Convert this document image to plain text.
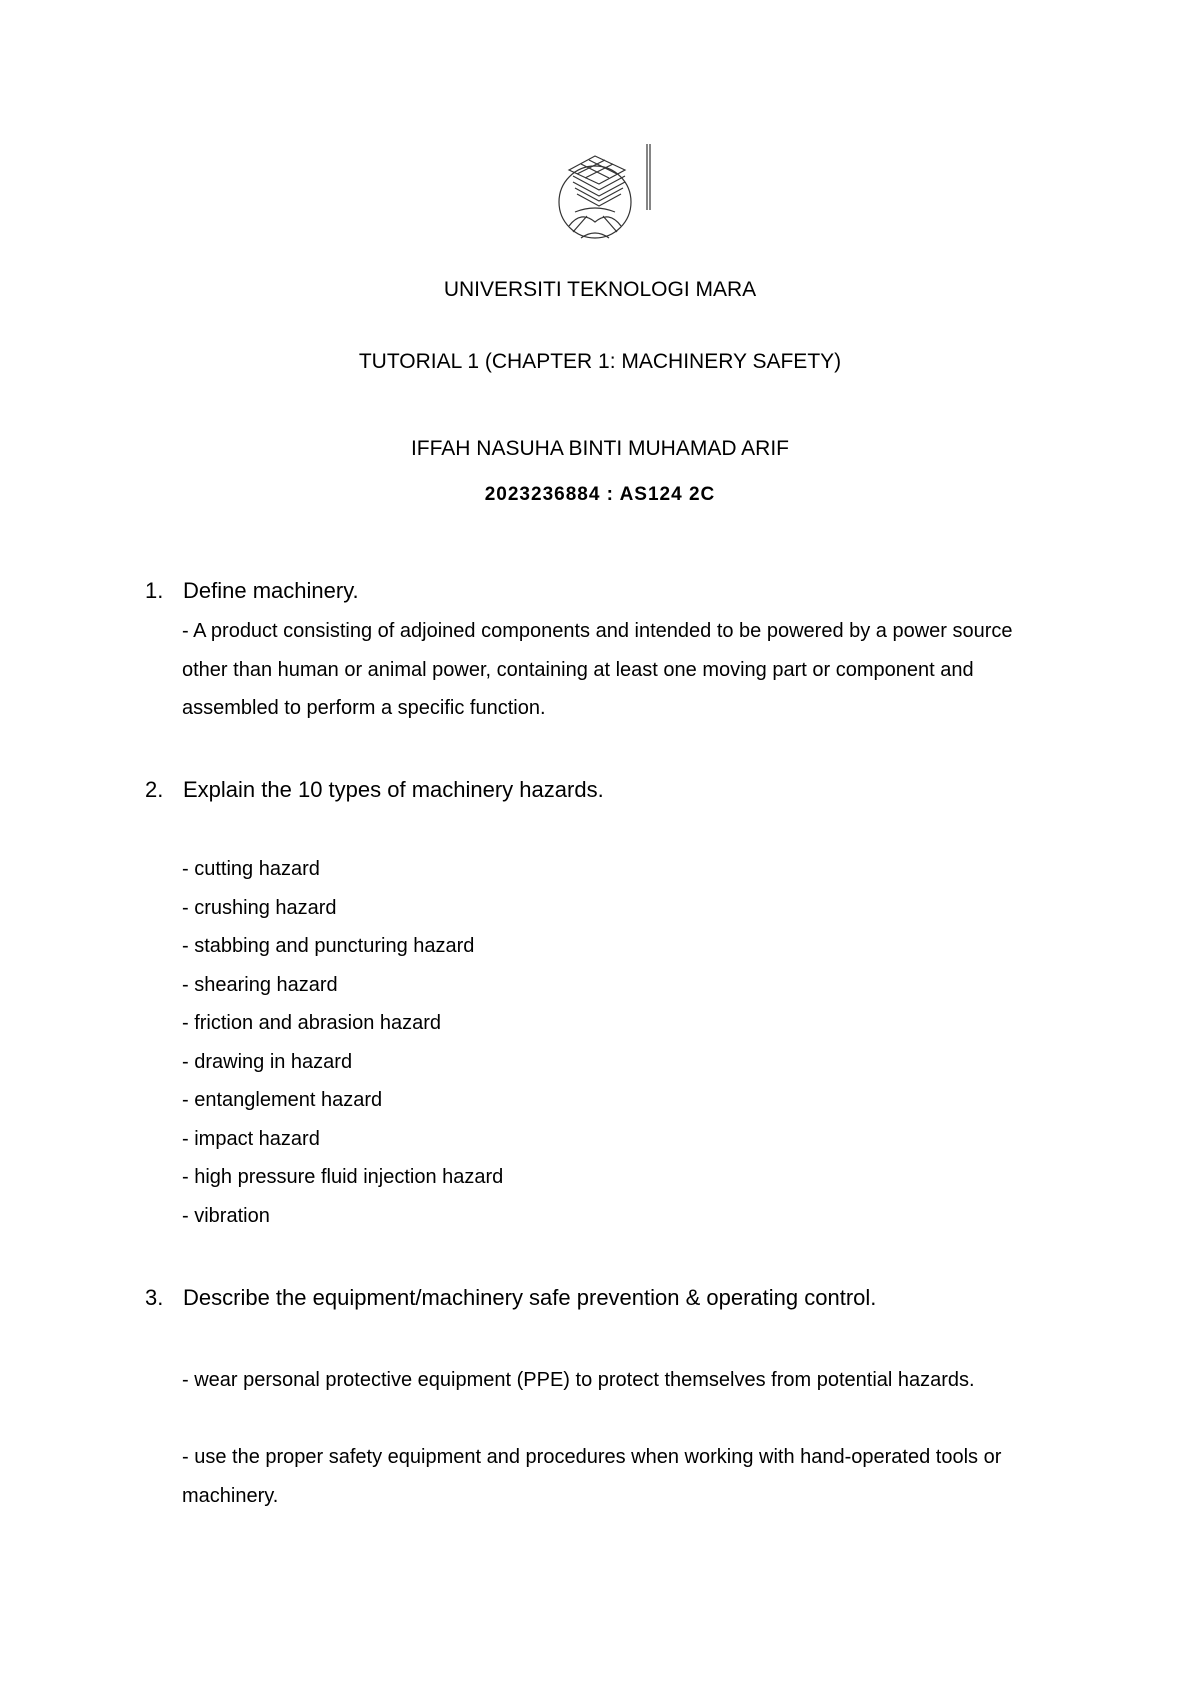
UNIVERSITI TEKNOLOGI MARA
TUTORIAL 1 (CHAPTER 1: MACHINERY SAFETY)
IFFAH NASUHA BINTI MUHAMAD ARIF
2023236884 : AS124 2C
1. Define machinery.
- A product consisting of adjoined components and intended to be powered by a power source other than human or animal power, containing at least one moving part or component and assembled to perform a specific function.
2. Explain the 10 types of machinery hazards.
- cutting hazard
- crushing hazard
- stabbing and puncturing hazard
- shearing hazard
- friction and abrasion hazard
- drawing in hazard
- entanglement hazard
- impact hazard
- high pressure fluid injection hazard
- vibration
3. Describe the equipment/machinery safe prevention & operating control.
- wear personal protective equipment (PPE) to protect themselves from potential hazards.
- use the proper safety equipment and procedures when working with hand-operated tools or machinery.
